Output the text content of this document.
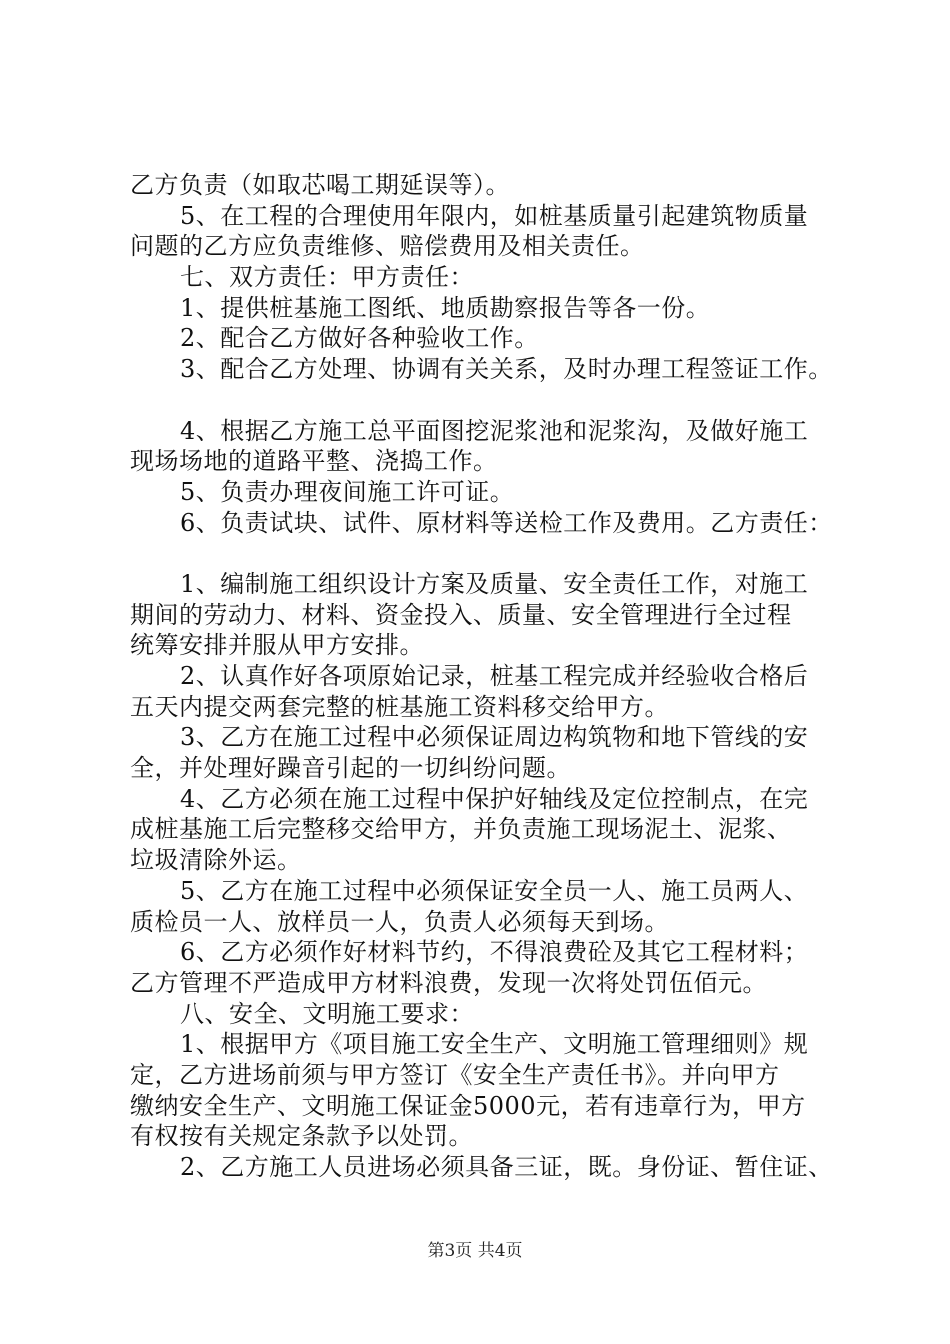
乙方负责（如取芯喝工期延误等）。
5、在工程的合理使用年限内，如桩基质量引起建筑物质量
问题的乙方应负责维修、赔偿费用及相关责任。
七、双方责任：甲方责任：
1、提供桩基施工图纸、地质勘察报告等各一份。
2、配合乙方做好各种验收工作。
3、配合乙方处理、协调有关关系，及时办理工程签证工作。
4、根据乙方施工总平面图挖泥浆池和泥浆沟，及做好施工
现场场地的道路平整、浇捣工作。
5、负责办理夜间施工许可证。
6、负责试块、试件、原材料等送检工作及费用。乙方责任：
1、编制施工组织设计方案及质量、安全责任工作，对施工
期间的劳动力、材料、资金投入、质量、安全管理进行全过程
统筹安排并服从甲方安排。
2、认真作好各项原始记录，桩基工程完成并经验收合格后
五天内提交两套完整的桩基施工资料移交给甲方。
3、乙方在施工过程中必须保证周边构筑物和地下管线的安
全，并处理好躁音引起的一切纠纷问题。
4、乙方必须在施工过程中保护好轴线及定位控制点，在完
成桩基施工后完整移交给甲方，并负责施工现场泥土、泥浆、
垃圾清除外运。
5、乙方在施工过程中必须保证安全员一人、施工员两人、
质检员一人、放样员一人，负责人必须每天到场。
6、乙方必须作好材料节约，不得浪费砼及其它工程材料；
乙方管理不严造成甲方材料浪费，发现一次将处罚伍佰元。
八、安全、文明施工要求：
1、根据甲方《项目施工安全生产、文明施工管理细则》规
定，乙方进场前须与甲方签订《安全生产责任书》。并向甲方
缴纳安全生产、文明施工保证金5000元，若有违章行为，甲方
有权按有关规定条款予以处罚。
2、乙方施工人员进场必须具备三证，既。身份证、暂住证、
第3页 共4页
